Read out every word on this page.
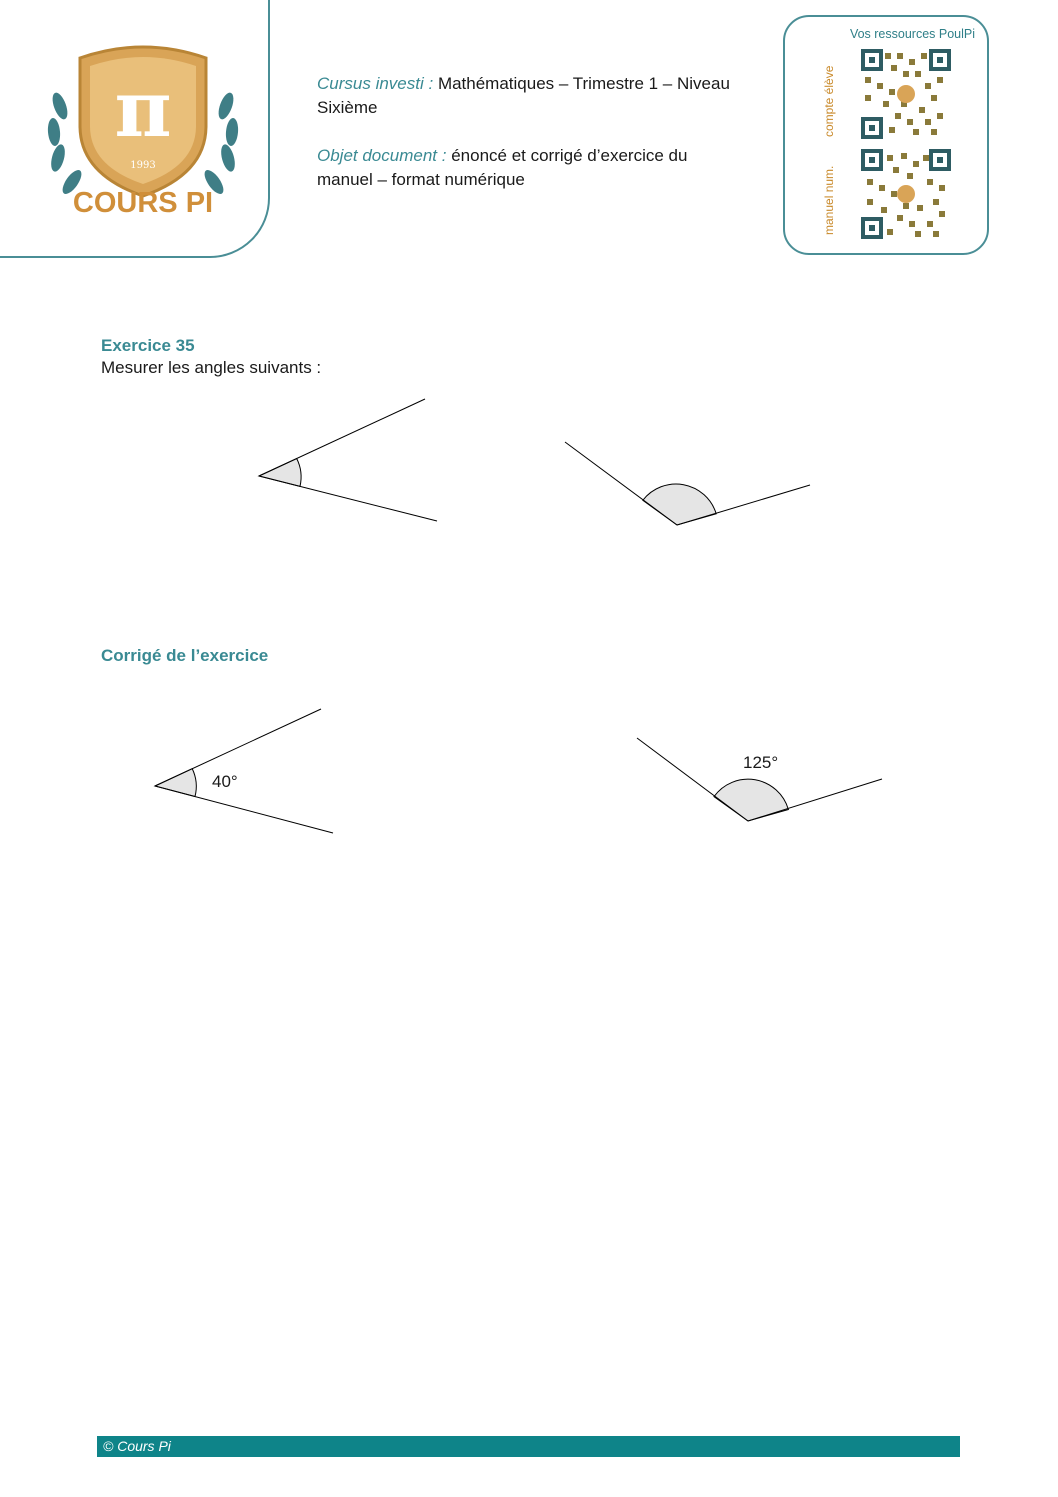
π
1993
COURS PI

Cursus investi : Mathématiques – Trimestre 1 – Niveau Sixième

Objet document : énoncé et corrigé d’exercice du manuel – format numérique

Vos ressources PoulPi
compte élève
manuel num.
Exercice 35

Mesurer les angles suivants :

Corrigé de l’exercice
40°
125°
© Cours Pi
